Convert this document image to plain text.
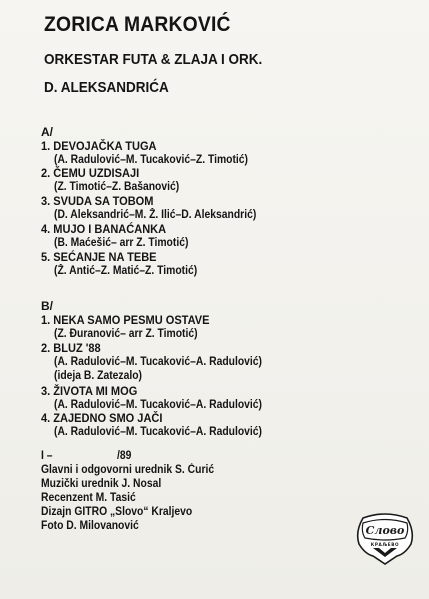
ZORICA MARKOVIĆ
ORKESTAR FUTA & ZLAJA I ORK.
D. ALEKSANDRIĆA
A/
1. DEVOJAČKA TUGA
(A. Radulović–M. Tucaković–Z. Timotić)
2. ČEMU UZDISAJI
(Z. Timotić–Z. Bašanović)
3. SVUDA SA TOBOM
(D. Aleksandrić–M. Ž. Ilić–D. Aleksandrić)
4. MUJO I BANAĆANKA
(B. Maćešić– arr Z. Timotić)
5. SEĆANJE NA TEBE
(Ž. Antić–Z. Matić–Z. Timotić)
B/
1. NEKA SAMO PESMU OSTAVE
(Z. Đuranović– arr Z. Timotić)
2. BLUZ '88
(A. Radulović–M. Tucaković–A. Radulović)
(ideja B. Zatezalo)
3. ŽIVOTA MI MOG
(A. Radulović–M. Tucaković–A. Radulović)
4. ZAJEDNO SMO JAČI
(A. Radulović–M. Tucaković–A. Radulović)
I –	/89
Glavni i odgovorni urednik S. Ćurić
Muzički urednik J. Nosal
Recenzent M. Tasić
Dizajn GITRO „Slovo“ Kraljevo
Foto D. Milovanović	Слово
КРАЉЕВО
